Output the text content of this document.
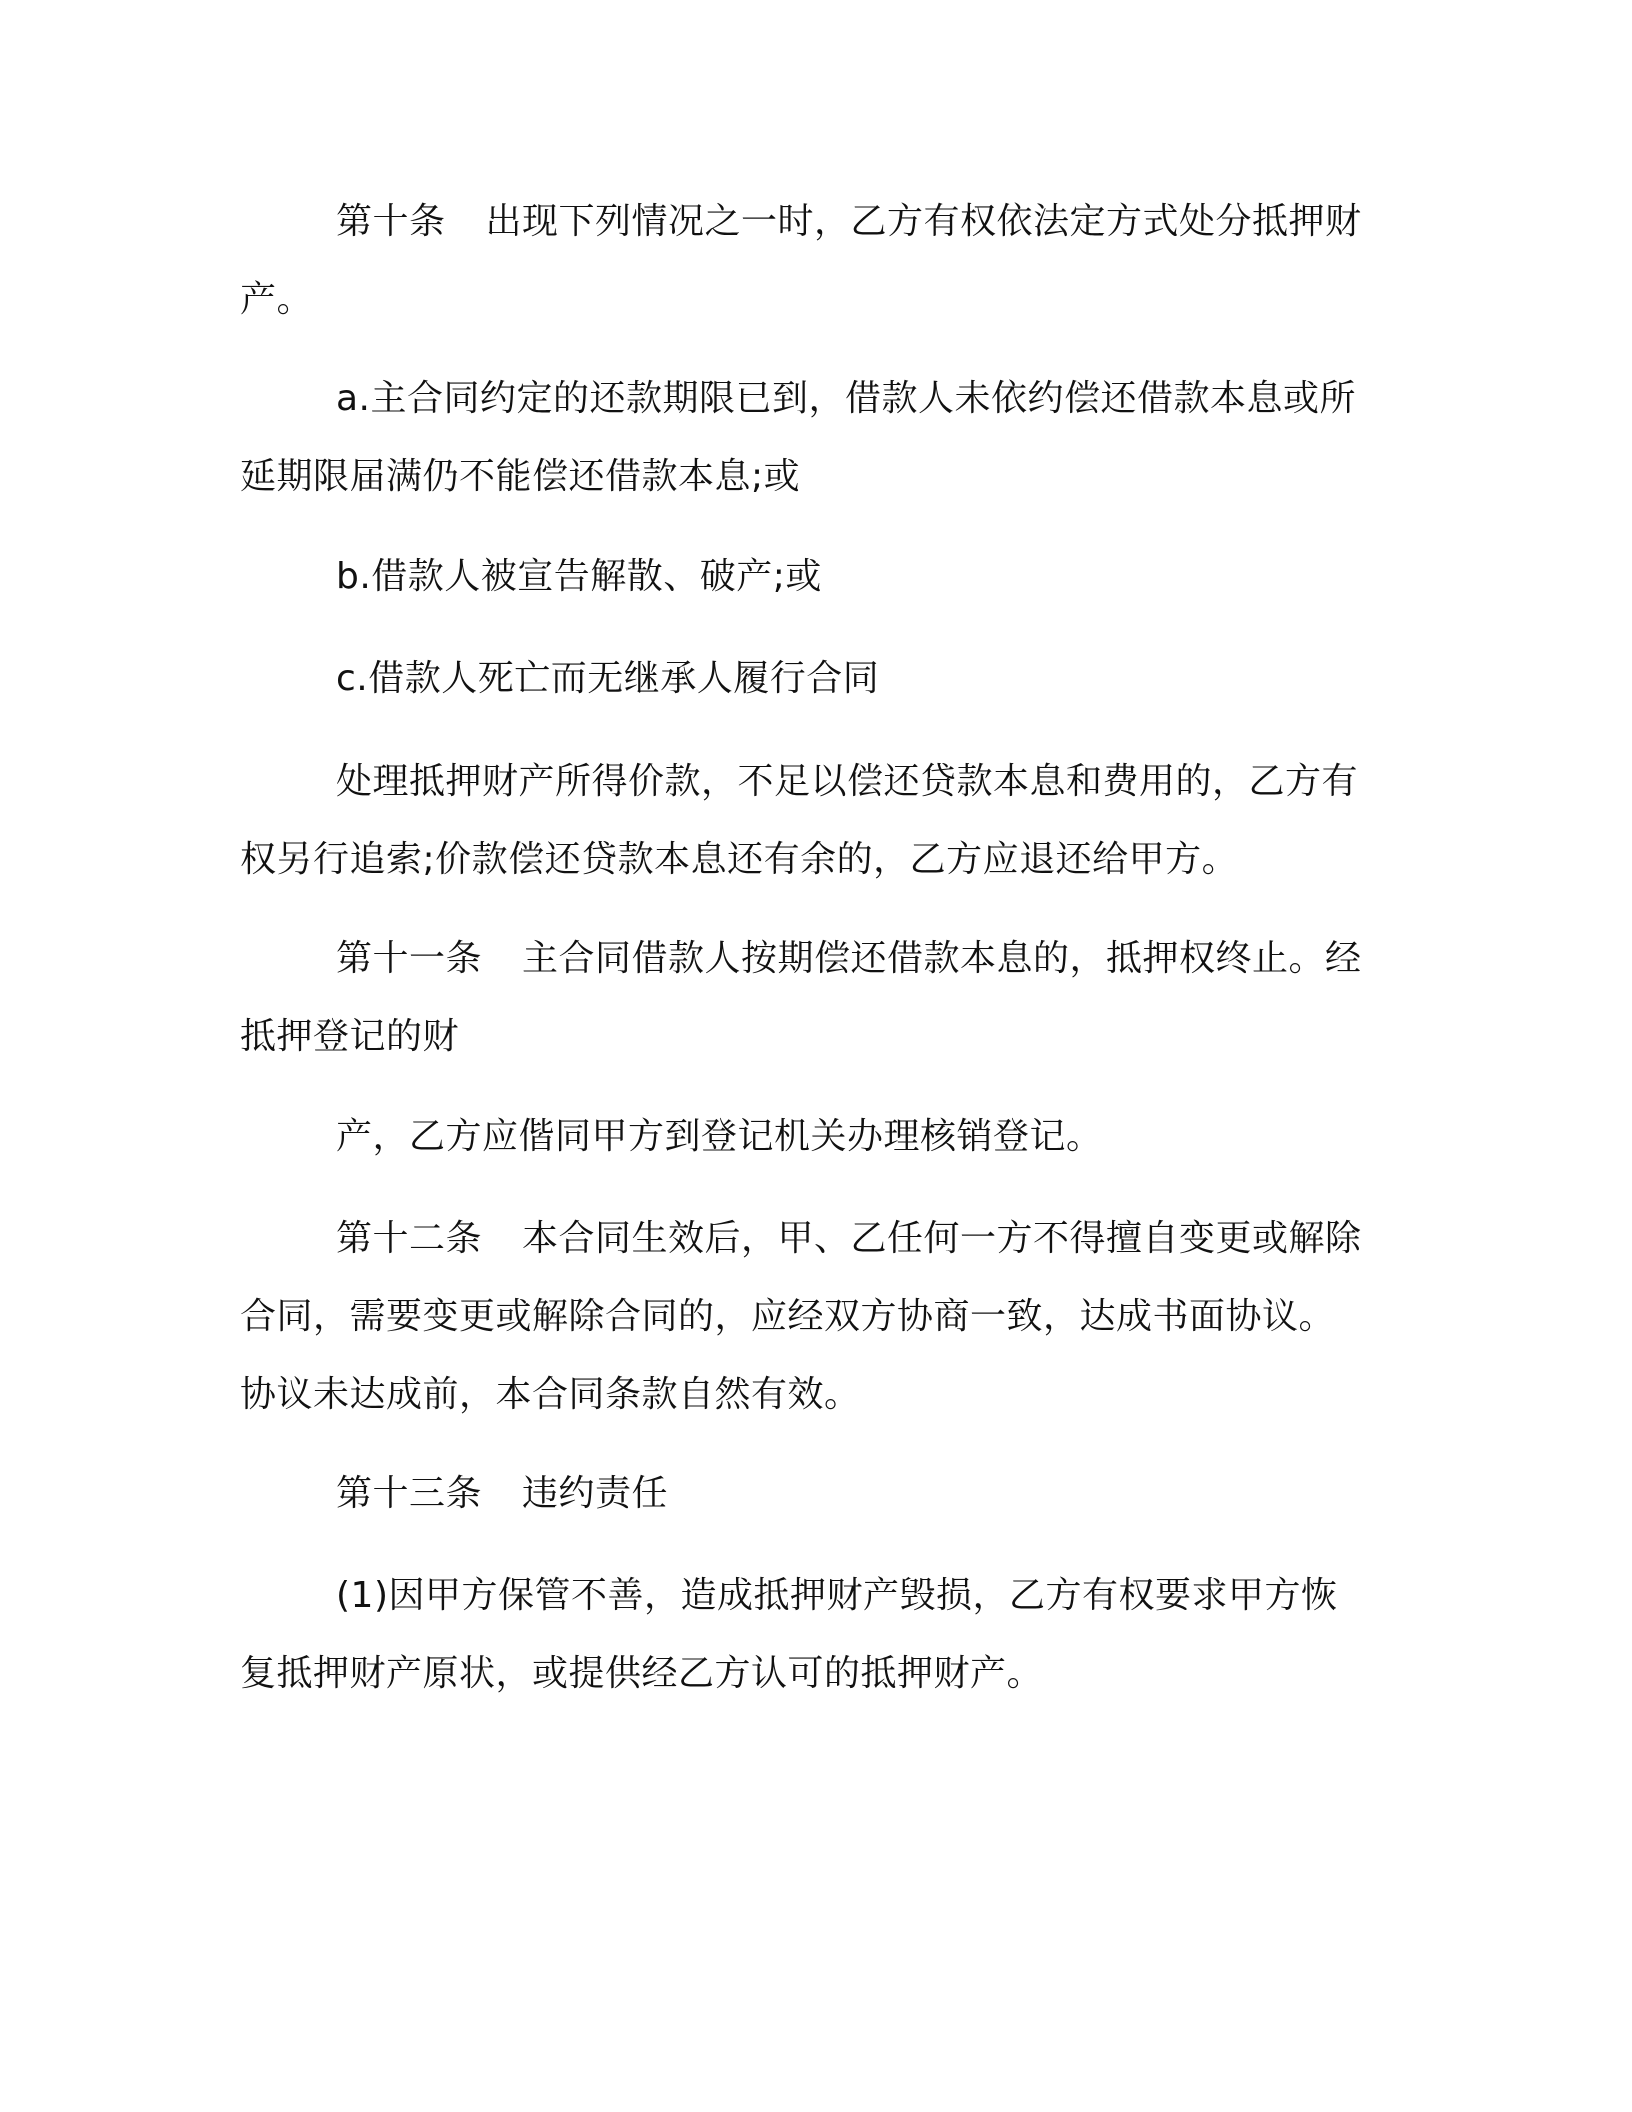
第十条 出现下列情况之一时，乙方有权依法定方式处分抵押财
产。
a.主合同约定的还款期限已到，借款人未依约偿还借款本息或所
延期限届满仍不能偿还借款本息;或
b.借款人被宣告解散、破产;或
c.借款人死亡而无继承人履行合同
处理抵押财产所得价款，不足以偿还贷款本息和费用的，乙方有
权另行追索;价款偿还贷款本息还有余的，乙方应退还给甲方。
第十一条 主合同借款人按期偿还借款本息的，抵押权终止。经
抵押登记的财
产，乙方应偕同甲方到登记机关办理核销登记。
第十二条 本合同生效后，甲、乙任何一方不得擅自变更或解除
合同，需要变更或解除合同的，应经双方协商一致，达成书面协议。
协议未达成前，本合同条款自然有效。
第十三条 违约责任
(1)因甲方保管不善，造成抵押财产毁损，乙方有权要求甲方恢
复抵押财产原状，或提供经乙方认可的抵押财产。
